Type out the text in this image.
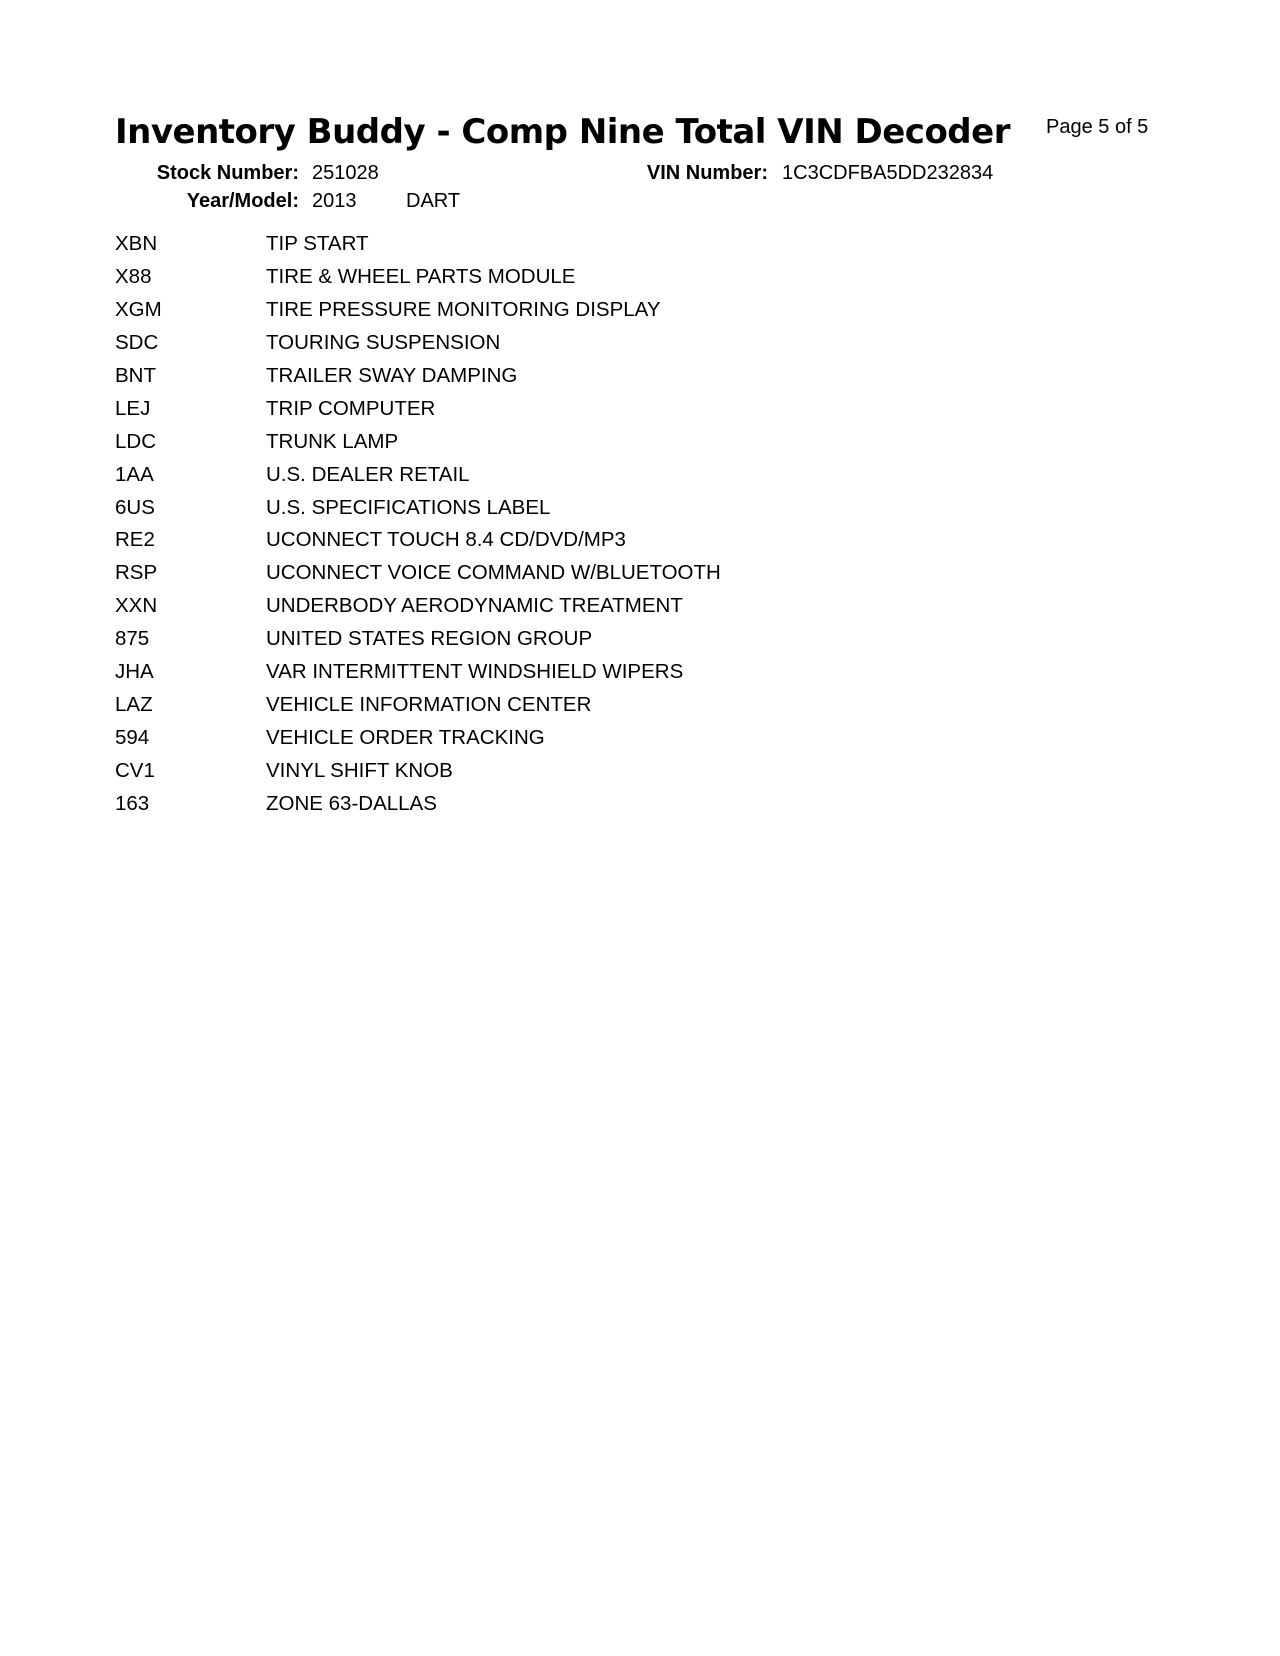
Inventory Buddy - Comp Nine Total VIN Decoder Page 5 of 5
Stock Number: 251028
Year/Model: 2013 DART
VIN Number: 1C3CDFBA5DD232834
XBN	TIP START
X88	TIRE & WHEEL PARTS MODULE
XGM	TIRE PRESSURE MONITORING DISPLAY
SDC	TOURING SUSPENSION
BNT	TRAILER SWAY DAMPING
LEJ	TRIP COMPUTER
LDC	TRUNK LAMP
1AA	U.S. DEALER RETAIL
6US	U.S. SPECIFICATIONS LABEL
RE2	UCONNECT TOUCH 8.4 CD/DVD/MP3
RSP	UCONNECT VOICE COMMAND W/BLUETOOTH
XXN	UNDERBODY AERODYNAMIC TREATMENT
875	UNITED STATES REGION GROUP
JHA	VAR INTERMITTENT WINDSHIELD WIPERS
LAZ	VEHICLE INFORMATION CENTER
594	VEHICLE ORDER TRACKING
CV1	VINYL SHIFT KNOB
163	ZONE 63-DALLAS
